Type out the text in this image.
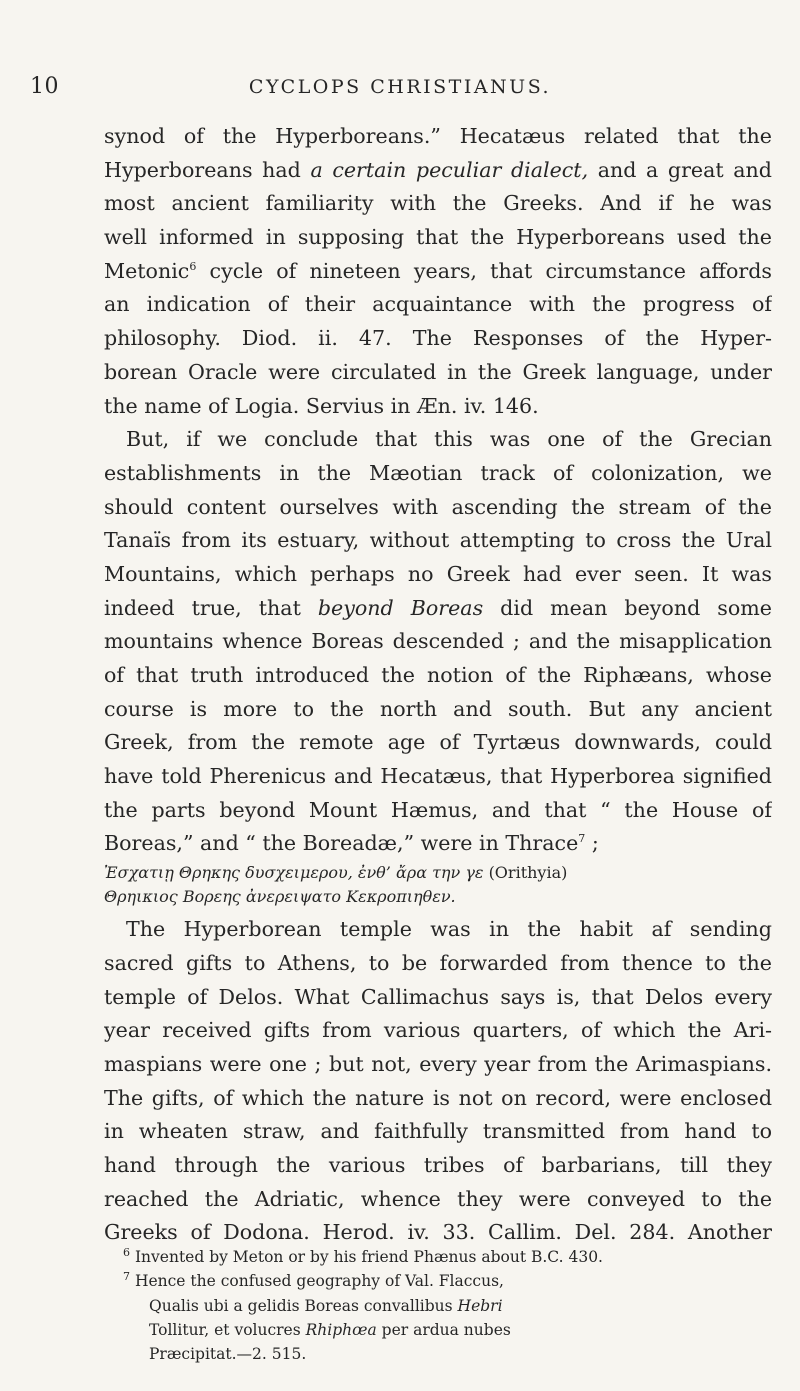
10	CYCLOPS CHRISTIANUS.
synod of the Hyperboreans.” Hecatæus related that the
Hyperboreans had a certain peculiar dialect, and a great and
most ancient familiarity with the Greeks. And if he was
well informed in supposing that the Hyperboreans used the
Metonic$^6$ cycle of nineteen years, that circumstance affords
an indication of their acquaintance with the progress of
philosophy. Diod. ii. 47. The Responses of the Hyper-
borean Oracle were circulated in the Greek language, under
the name of Logia. Servius in Æn. iv. 146.
But, if we conclude that this was one of the Grecian
establishments in the Mæotian track of colonization, we
should content ourselves with ascending the stream of the
Tanaïs from its estuary, without attempting to cross the Ural
Mountains, which perhaps no Greek had ever seen. It was
indeed true, that beyond Boreas did mean beyond some
mountains whence Boreas descended ; and the misapplication
of that truth introduced the notion of the Riphæans, whose
course is more to the north and south. But any ancient
Greek, from the remote age of Tyrtæus downwards, could
have told Pherenicus and Hecatæus, that Hyperborea signified
the parts beyond Mount Hæmus, and that “ the House of
Boreas,” and “ the Boreadæ,” were in Thrace$^7$ ;
Ἐσχατιῃ Θρηκης δυσχειμερου, ἐνθ’ ἄρα την γε (Orithyia)
Θρηικιος Βορεης ἀνερειψατο Κεκροπιηθεν.
The Hyperborean temple was in the habit af sending
sacred gifts to Athens, to be forwarded from thence to the
temple of Delos. What Callimachus says is, that Delos every
year received gifts from various quarters, of which the Ari-
maspians were one ; but not, every year from the Arimaspians.
The gifts, of which the nature is not on record, were enclosed
in wheaten straw, and faithfully transmitted from hand to
hand through the various tribes of barbarians, till they
reached the Adriatic, whence they were conveyed to the
Greeks of Dodona. Herod. iv. 33. Callim. Del. 284. Another
$^6$ Invented by Meton or by his friend Phænus about B.C. 430.
$^7$ Hence the confused geography of Val. Flaccus,
Qualis ubi a gelidis Boreas convallibus Hebri
Tollitur, et volucres Rhiphœa per ardua nubes
Præcipitat.—2. 515.
